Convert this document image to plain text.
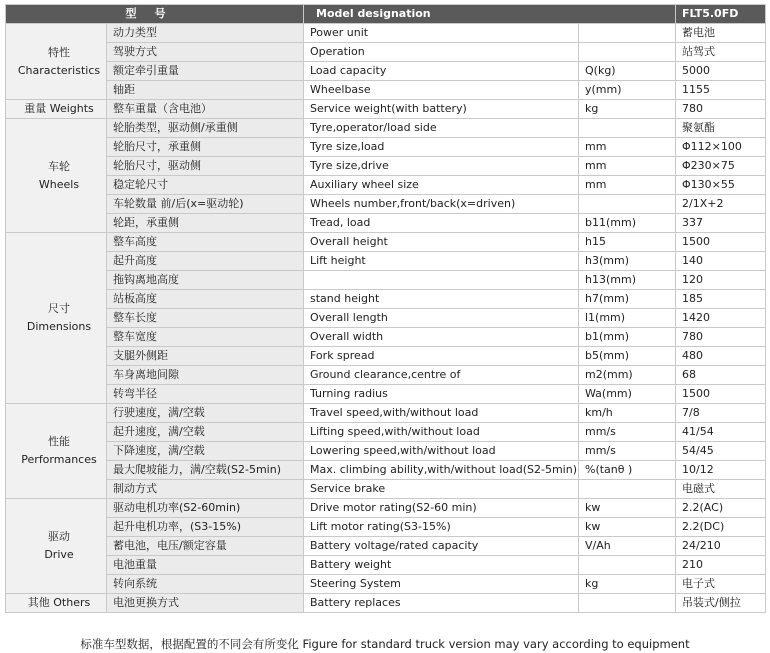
型号		Model designation		FLT5.0FD

特性
Characteristics	动力类型	Power unit		蓄电池
	驾驶方式	Operation		站驾式
	额定牵引重量	Load capacity	Q(kg)	5000
	轴距	Wheelbase	y(mm)	1155

重量 Weights	整车重量（含电池）	Service weight(with battery)	kg	780

车轮
Wheels	轮胎类型，驱动侧/承重侧	Tyre,operator/load side		聚氨酯
	轮胎尺寸，承重侧	Tyre size,load	mm	Φ112×100
	轮胎尺寸，驱动侧	Tyre size,drive	mm	Φ230×75
	稳定轮尺寸	Auxiliary wheel size	mm	Φ130×55
	车轮数量 前/后(x=驱动轮)	Wheels number,front/back(x=driven)		2/1X+2
	轮距，承重侧	Tread, load	b11(mm)	337

尺寸
Dimensions	整车高度	Overall height	h15	1500
	起升高度	Lift height	h3(mm)	140
	拖钩离地高度		h13(mm)	120
	站板高度	stand height	h7(mm)	185
	整车长度	Overall length	l1(mm)	1420
	整车宽度	Overall width	b1(mm)	780
	支腿外侧距	Fork spread	b5(mm)	480
	车身离地间隙	Ground clearance,centre of	m2(mm)	68
	转弯半径	Turning radius	Wa(mm)	1500

性能
Performances	行驶速度，满/空载	Travel speed,with/without load	km/h	7/8
	起升速度，满/空载	Lifting speed,with/without load	mm/s	41/54
	下降速度，满/空载	Lowering speed,with/without load	mm/s	54/45
	最大爬坡能力，满/空载(S2-5min)	Max. climbing ability,with/without load(S2-5min)	%(tanθ )	10/12
	制动方式	Service brake		电磁式

驱动
Drive	驱动电机功率(S2-60min)	Drive motor rating(S2-60 min)	kw	2.2(AC)
	起升电机功率，(S3-15%)	Lift motor rating(S3-15%)	kw	2.2(DC)
	蓄电池，电压/额定容量	Battery voltage/rated capacity	V/Ah	24/210
	电池重量	Battery weight		210
	转向系统	Steering System	kg	电子式

其他 Others	电池更换方式	Battery replaces		吊装式/侧拉
标准车型数据，根据配置的不同会有所变化 Figure for standard truck version may vary according to equipment
